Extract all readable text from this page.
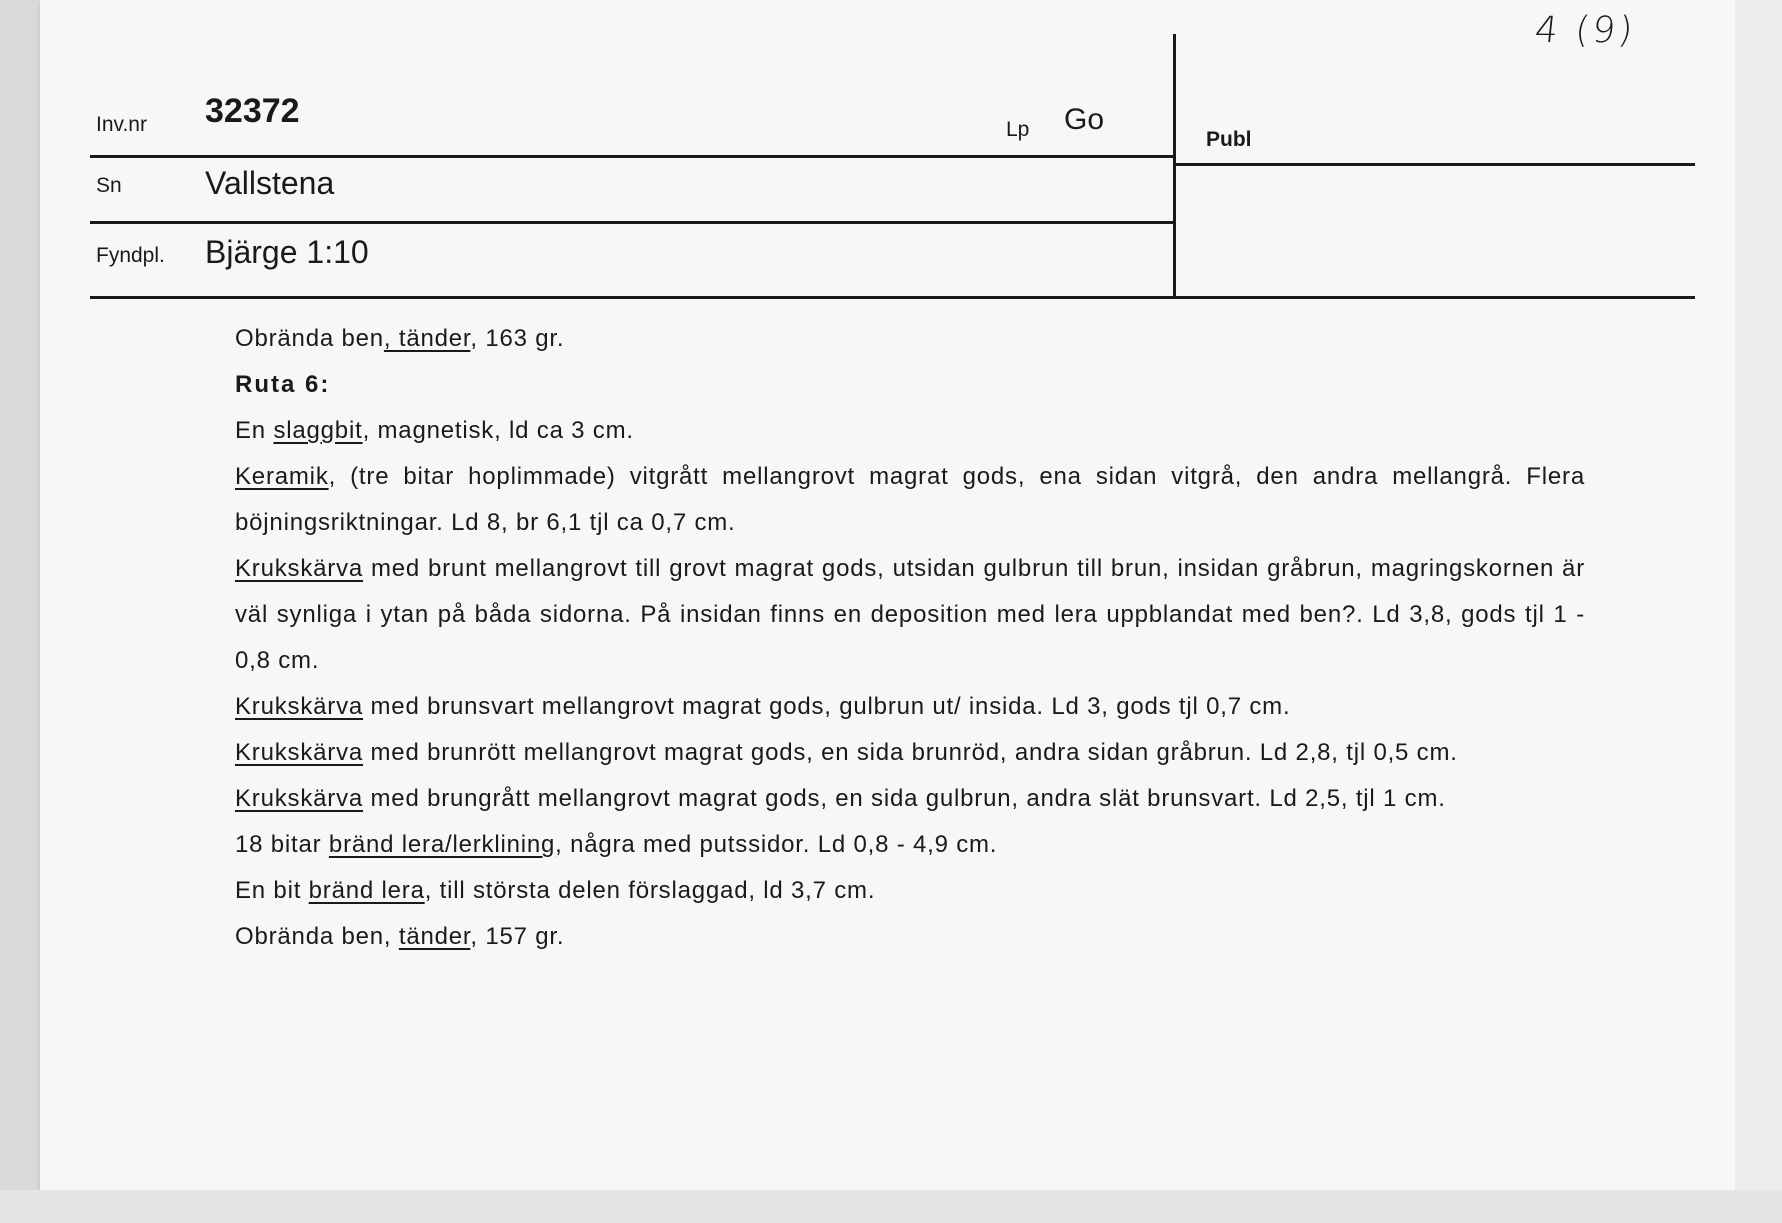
4 (9)
Inv.nr 32372	Lp Go
Publ
Sn	Vallstena
Fyndpl. Bjärge 1:10

Obrända ben, tänder, 163 gr.

Ruta 6:

En slaggbit, magnetisk, ld ca 3 cm.

Keramik, (tre bitar hoplimmade) vitgrått mellangrovt magrat gods, ena sidan vitgrå, den andra mellangrå. Flera böjningsriktningar. Ld 8, br 6,1 tjl ca 0,7 cm.

Krukskärva med brunt mellangrovt till grovt magrat gods, utsidan gulbrun till brun, insidan gråbrun, magringskornen är väl synliga i ytan på båda sidorna. På insidan finns en deposition med lera uppblandat med ben?. Ld 3,8, gods tjl 1 - 0,8 cm.

Krukskärva med brunsvart mellangrovt magrat gods, gulbrun ut/ insida. Ld 3, gods tjl 0,7 cm.

Krukskärva med brunrött mellangrovt magrat gods, en sida brunröd, andra sidan gråbrun. Ld 2,8, tjl 0,5 cm.

Krukskärva med brungrått mellangrovt magrat gods, en sida gulbrun, andra slät brunsvart. Ld 2,5, tjl 1 cm.

18 bitar bränd lera/lerklining, några med putssidor. Ld 0,8 - 4,9 cm.

En bit bränd lera, till största delen förslaggad, ld 3,7 cm.

Obrända ben, tänder, 157 gr.
